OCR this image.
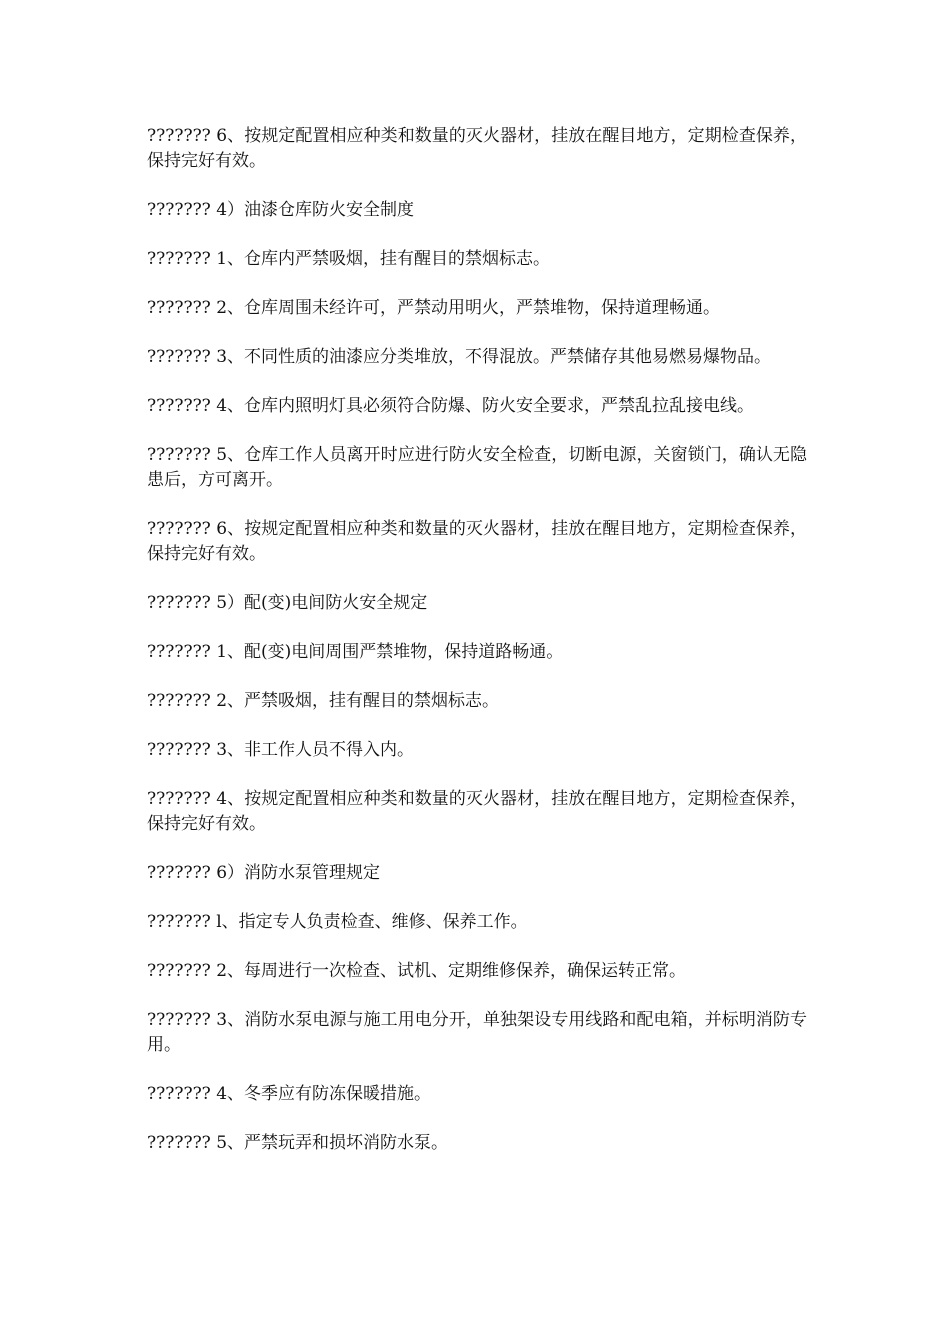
??????? 6、按规定配置相应种类和数量的灭火器材，挂放在醒目地方，定期检查保养，保持完好有效。

??????? 4）油漆仓库防火安全制度

??????? 1、仓库内严禁吸烟，挂有醒目的禁烟标志。

??????? 2、仓库周围未经许可，严禁动用明火，严禁堆物，保持道理畅通。

??????? 3、不同性质的油漆应分类堆放，不得混放。严禁储存其他易燃易爆物品。

??????? 4、仓库内照明灯具必须符合防爆、防火安全要求，严禁乱拉乱接电线。

??????? 5、仓库工作人员离开时应进行防火安全检查，切断电源，关窗锁门，确认无隐患后，方可离开。

??????? 6、按规定配置相应种类和数量的灭火器材，挂放在醒目地方，定期检查保养，保持完好有效。

??????? 5）配(变)电间防火安全规定

??????? 1、配(变)电间周围严禁堆物，保持道路畅通。

??????? 2、严禁吸烟，挂有醒目的禁烟标志。

??????? 3、非工作人员不得入内。

??????? 4、按规定配置相应种类和数量的灭火器材，挂放在醒目地方，定期检查保养，保持完好有效。

??????? 6）消防水泵管理规定

??????? l、指定专人负责检查、维修、保养工作。

??????? 2、每周进行一次检查、试机、定期维修保养，确保运转正常。

??????? 3、消防水泵电源与施工用电分开，单独架设专用线路和配电箱，并标明消防专用。

??????? 4、冬季应有防冻保暖措施。

??????? 5、严禁玩弄和损坏消防水泵。
